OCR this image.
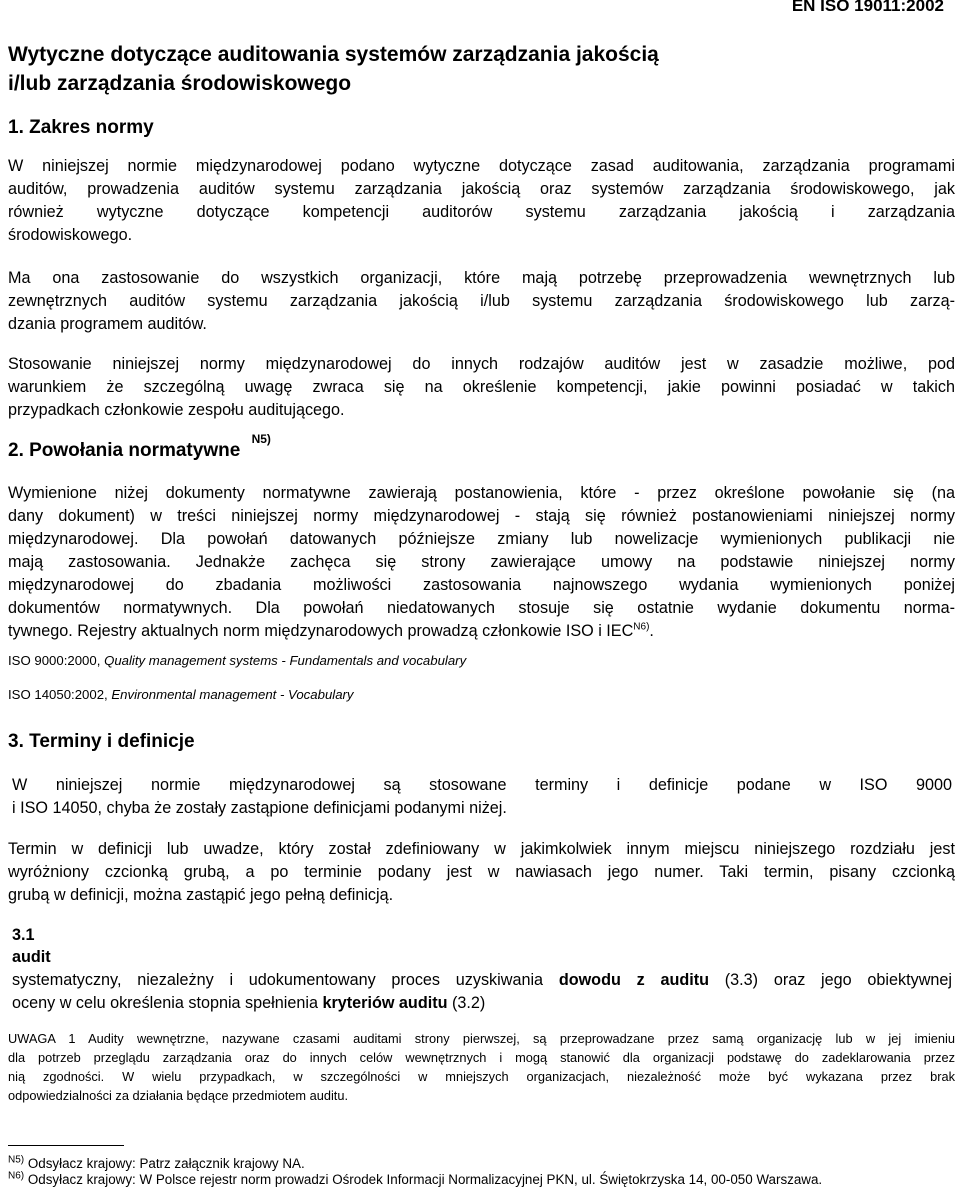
EN ISO 19011:2002
Wytyczne dotyczące auditowania systemów zarządzania jakością
i/lub zarządzania środowiskowego
1. Zakres normy
W niniejszej normie międzynarodowej podano wytyczne dotyczące zasad auditowania, zarządzania programami
auditów, prowadzenia auditów systemu zarządzania jakością oraz systemów zarządzania środowiskowego, jak
również wytyczne dotyczące kompetencji auditorów systemu zarządzania jakością i zarządzania
środowiskowego.
Ma ona zastosowanie do wszystkich organizacji, które mają potrzebę przeprowadzenia wewnętrznych lub
zewnętrznych auditów systemu zarządzania jakością i/lub systemu zarządzania środowiskowego lub zarzą-
dzania programem auditów.
Stosowanie niniejszej normy międzynarodowej do innych rodzajów auditów jest w zasadzie możliwe, pod
warunkiem że szczególną uwagę zwraca się na określenie kompetencji, jakie powinni posiadać w takich
przypadkach członkowie zespołu auditującego.
2. Powołania normatywne $^{N5)}$
Wymienione niżej dokumenty normatywne zawierają postanowienia, które - przez określone powołanie się (na
dany dokument) w treści niniejszej normy międzynarodowej - stają się również postanowieniami niniejszej normy
międzynarodowej. Dla powołań datowanych późniejsze zmiany lub nowelizacje wymienionych publikacji nie
mają zastosowania. Jednakże zachęca się strony zawierające umowy na podstawie niniejszej normy
międzynarodowej do zbadania możliwości zastosowania najnowszego wydania wymienionych poniżej
dokumentów normatywnych. Dla powołań niedatowanych stosuje się ostatnie wydanie dokumentu norma-
tywnego. Rejestry aktualnych norm międzynarodowych prowadzą członkowie ISO i $IEC^{N6)}$.
ISO 9000:2000, Quality management systems - Fundamentals and vocabulary
ISO 14050:2002, Environmental management - Vocabulary
3. Terminy i definicje
W niniejszej normie międzynarodowej są stosowane terminy i definicje podane w ISO 9000
i ISO 14050, chyba że zostały zastąpione definicjami podanymi niżej.
Termin w definicji lub uwadze, który został zdefiniowany w jakimkolwiek innym miejscu niniejszego rozdziału jest
wyróżniony czcionką grubą, a po terminie podany jest w nawiasach jego numer. Taki termin, pisany czcionką
grubą w definicji, można zastąpić jego pełną definicją.
3.1
audit
systematyczny, niezależny i udokumentowany proces uzyskiwania dowodu z auditu (3.3) oraz jego obiektywnej
oceny w celu określenia stopnia spełnienia kryteriów auditu (3.2)
UWAGA 1 Audity wewnętrzne, nazywane czasami auditami strony pierwszej, są przeprowadzane przez samą organizację lub w jej imieniu
dla potrzeb przeglądu zarządzania oraz do innych celów wewnętrznych i mogą stanowić dla organizacji podstawę do zadeklarowania przez
nią zgodności. W wielu przypadkach, w szczególności w mniejszych organizacjach, niezależność może być wykazana przez brak
odpowiedzialności za działania będące przedmiotem auditu.
$^{N5)}$ Odsyłacz krajowy: Patrz załącznik krajowy NA.
$^{N6)}$ Odsyłacz krajowy: W Polsce rejestr norm prowadzi Ośrodek Informacji Normalizacyjnej PKN, ul. Świętokrzyska 14, 00-050 Warszawa.
